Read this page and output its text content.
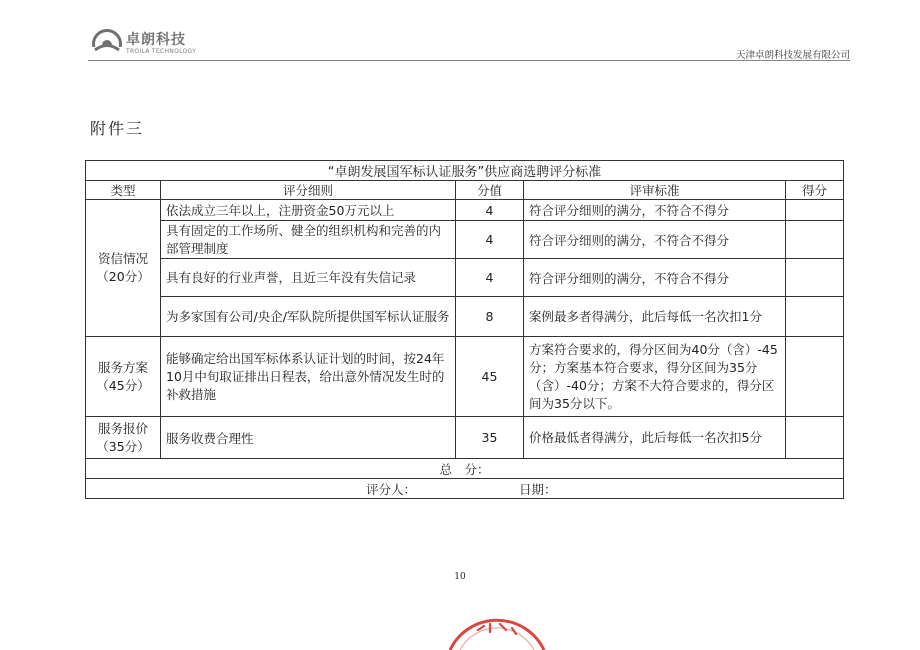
卓朗科技
TROILA TECHNOLOGY	天津卓朗科技发展有限公司
附件三
“卓朗发展国军标认证服务”供应商选聘评分标准				
类型	评分细则	分值	评审标准	得分
资信情况（20分）	依法成立三年以上，注册资金50万元以上	4	符合评分细则的满分，不符合不得分	
	具有固定的工作场所、健全的组织机构和完善的内部管理制度	4	符合评分细则的满分，不符合不得分	
	具有良好的行业声誉，且近三年没有失信记录	4	符合评分细则的满分，不符合不得分	
	为多家国有公司/央企/军队院所提供国军标认证服务	8	案例最多者得满分，此后每低一名次扣1分	
服务方案（45分）	能够确定给出国军标体系认证计划的时间，按24年10月中旬取证排出日程表，给出意外情况发生时的补救措施	45	方案符合要求的，得分区间为40分（含）-45分；方案基本符合要求，得分区间为35分（含）-40分；方案不大符合要求的，得分区间为35分以下。	
服务报价（35分）	服务收费合理性	35	价格最低者得满分，此后每低一名次扣5分	
总　分：				
评分人： 日期：				
10
